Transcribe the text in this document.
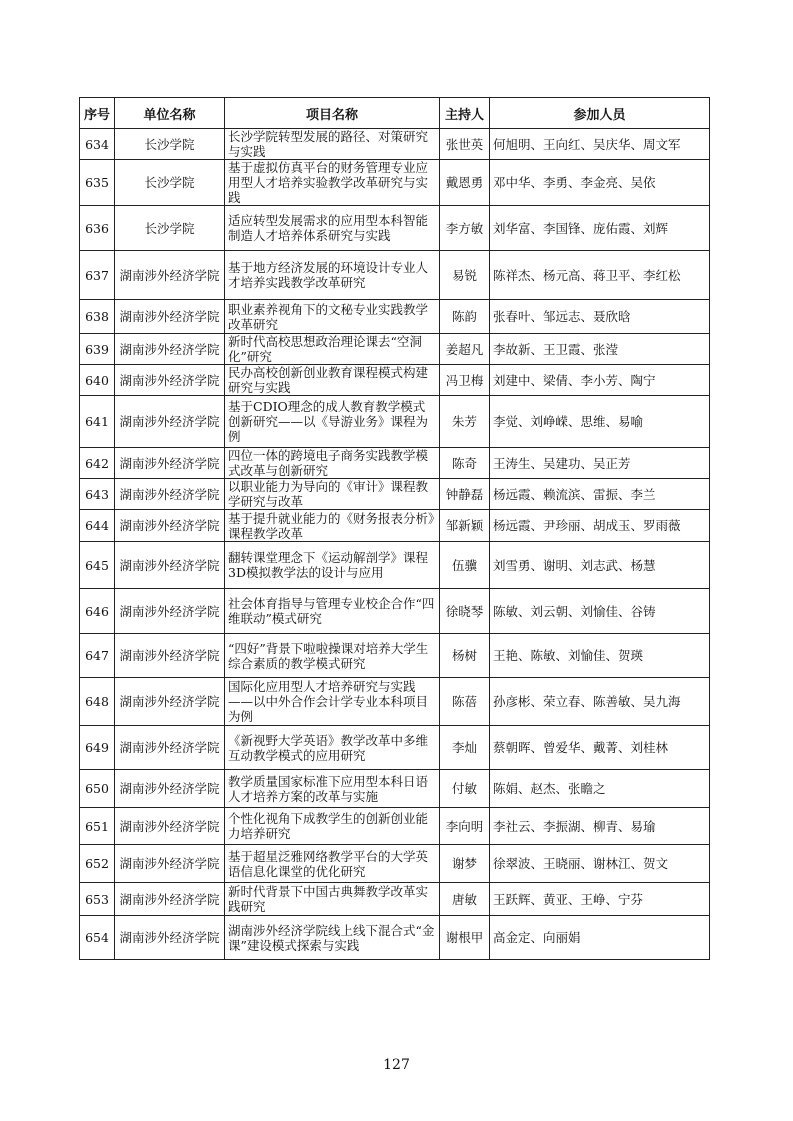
序号	单位名称	项目名称	主持人	参加人员
634	长沙学院	长沙学院转型发展的路径、对策研究与实践	张世英	何旭明、王向红、吴庆华、周文军
635	长沙学院	基于虚拟仿真平台的财务管理专业应用型人才培养实验教学改革研究与实践	戴恩勇	邓中华、李勇、李金亮、吴依
636	长沙学院	适应转型发展需求的应用型本科智能制造人才培养体系研究与实践	李方敏	刘华富、李国锋、庞佑霞、刘辉
637	湖南涉外经济学院	基于地方经济发展的环境设计专业人才培养实践教学改革研究	易锐	陈祥杰、杨元高、蒋卫平、李红松
638	湖南涉外经济学院	职业素养视角下的文秘专业实践教学改革研究	陈韵	张春叶、邹远志、聂欣晗
639	湖南涉外经济学院	新时代高校思想政治理论课去“空洞化”研究	姜超凡	李故新、王卫霞、张滢
640	湖南涉外经济学院	民办高校创新创业教育课程模式构建研究与实践	冯卫梅	刘建中、梁倩、李小芳、陶宁
641	湖南涉外经济学院	基于CDIO理念的成人教育教学模式创新研究——以《导游业务》课程为例	朱芳	李觉、刘峥嵘、思维、易喻
642	湖南涉外经济学院	四位一体的跨境电子商务实践教学模式改革与创新研究	陈奇	王涛生、吴建功、吴正芳
643	湖南涉外经济学院	以职业能力为导向的《审计》课程教学研究与改革	钟静磊	杨远霞、赖流滨、雷振、李兰
644	湖南涉外经济学院	基于提升就业能力的《财务报表分析》课程教学改革	邹新颖	杨远霞、尹珍丽、胡成玉、罗雨薇
645	湖南涉外经济学院	翻转课堂理念下《运动解剖学》课程3D模拟教学法的设计与应用	伍骥	刘雪勇、谢明、刘志武、杨慧
646	湖南涉外经济学院	社会体育指导与管理专业校企合作“四维联动”模式研究	徐晓琴	陈敏、刘云朝、刘愉佳、谷铸
647	湖南涉外经济学院	“四好”背景下啦啦操课对培养大学生综合素质的教学模式研究	杨树	王艳、陈敏、刘愉佳、贺瑛
648	湖南涉外经济学院	国际化应用型人才培养研究与实践——以中外合作会计学专业本科项目为例	陈蓓	孙彦彬、荣立春、陈善敏、吴九海
649	湖南涉外经济学院	《新视野大学英语》教学改革中多维互动教学模式的应用研究	李灿	蔡朝晖、曾爱华、戴菁、刘桂林
650	湖南涉外经济学院	教学质量国家标准下应用型本科日语人才培养方案的改革与实施	付敏	陈娟、赵杰、张瞻之
651	湖南涉外经济学院	个性化视角下成教学生的创新创业能力培养研究	李向明	李社云、李振湖、柳青、易瑜
652	湖南涉外经济学院	基于超星泛雅网络教学平台的大学英语信息化课堂的优化研究	谢梦	徐翠波、王晓丽、谢林江、贺文
653	湖南涉外经济学院	新时代背景下中国古典舞教学改革实践研究	唐敏	王跃辉、黄亚、王峥、宁芬
654	湖南涉外经济学院	湖南涉外经济学院线上线下混合式“金课”建设模式探索与实践	谢根甲	高金定、向丽娟
127
